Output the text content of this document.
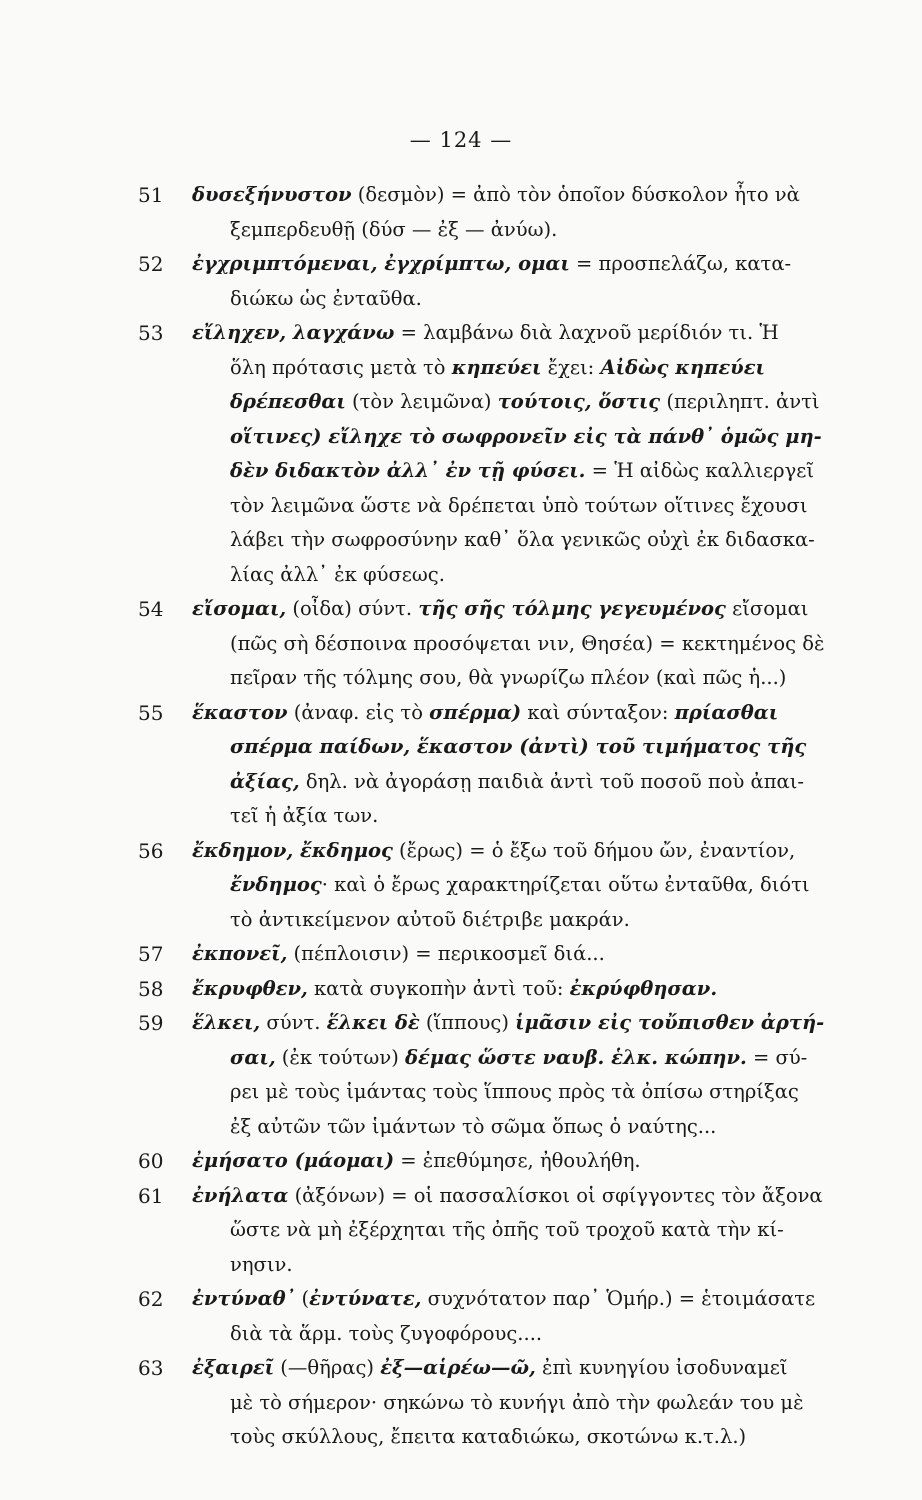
— 124 —
51	δυσεξήνυστον (δεσμὸν) = ἀπὸ τὸν ὁποῖον δύσκολον ἦτο νὰ
ξεμπερδευθῇ (δύσ — ἐξ — ἀνύω).
52	ἐγχριμπτόμεναι, ἐγχρίμπτω, ομαι = προσπελάζω, κατα-
διώκω ὡς ἐνταῦθα.
53	εἴληχεν, λαγχάνω = λαμβάνω διὰ λαχνοῦ μερίδιόν τι. Ἡ
ὅλη πρότασις μετὰ τὸ κηπεύει ἔχει: Αἰδὼς κηπεύει
δρέπεσθαι (τὸν λειμῶνα) τούτοις, ὅστις (περιληπτ. ἀντὶ
οἵτινες) εἴληχε τὸ σωφρονεῖν εἰς τὰ πάνθ᾽ ὁμῶς μη-
δὲν διδακτὸν ἀλλ᾽ ἐν τῇ φύσει. = Ἡ αἰδὼς καλλιεργεῖ
τὸν λειμῶνα ὥστε νὰ δρέπεται ὑπὸ τούτων οἵτινες ἔχουσι
λάβει τὴν σωφροσύνην καθ᾽ ὅλα γενικῶς οὐχὶ ἐκ διδασκα-
λίας ἀλλ᾽ ἐκ φύσεως.
54	εἴσομαι, (οἶδα) σύντ. τῆς σῆς τόλμης γεγευμένος εἴσομαι
(πῶς σὴ δέσποινα προσόψεται νιν, Θησέα) = κεκτημένος δὲ
πεῖραν τῆς τόλμης σου, θὰ γνωρίζω πλέον (καὶ πῶς ἡ...)
55	ἕκαστον (ἀναφ. εἰς τὸ σπέρμα) καὶ σύνταξον: πρίασθαι
σπέρμα παίδων, ἕκαστον (ἀντὶ) τοῦ τιμήματος τῆς
ἀξίας, δηλ. νὰ ἀγοράσῃ παιδιὰ ἀντὶ τοῦ ποσοῦ ποὺ ἀπαι-
τεῖ ἡ ἀξία των.
56	ἔκδημον, ἔκδημος (ἔρως) = ὁ ἔξω τοῦ δήμου ὤν, ἐναντίον,
ἔνδημος· καὶ ὁ ἔρως χαρακτηρίζεται οὕτω ἐνταῦθα, διότι
τὸ ἀντικείμενον αὐτοῦ διέτριβε μακράν.
57	ἐκπονεῖ, (πέπλοισιν) = περικοσμεῖ διά...
58	ἔκρυφθεν, κατὰ συγκοπὴν ἀντὶ τοῦ: ἐκρύφθησαν.
59	ἕλκει, σύντ. ἕλκει δὲ (ἵππους) ἱμᾶσιν εἰς τοὔπισθεν ἀρτή-
σαι, (ἐκ τούτων) δέμας ὥστε ναυβ. ἑλκ. κώπην. = σύ-
ρει μὲ τοὺς ἱμάντας τοὺς ἵππους πρὸς τὰ ὀπίσω στηρίξας
ἐξ αὐτῶν τῶν ἱμάντων τὸ σῶμα ὅπως ὁ ναύτης...
60	ἐμήσατο (μάομαι) = ἐπεθύμησε, ἠθουλήθη.
61	ἐνήλατα (ἀξόνων) = οἱ πασσαλίσκοι οἱ σφίγγοντες τὸν ἄξονα
ὥστε νὰ μὴ ἐξέρχηται τῆς ὀπῆς τοῦ τροχοῦ κατὰ τὴν κί-
νησιν.
62	ἐντύναθ᾽ (ἐντύνατε, συχνότατον παρ᾽ Ὁμήρ.) = ἑτοιμάσατε
διὰ τὰ ἅρμ. τοὺς ζυγοφόρους....
63	ἐξαιρεῖ (—θῆρας) ἐξ—αἱρέω—ῶ, ἐπὶ κυνηγίου ἰσοδυναμεῖ
μὲ τὸ σήμερον· σηκώνω τὸ κυνήγι ἀπὸ τὴν φωλεάν του μὲ
τοὺς σκύλλους, ἔπειτα καταδιώκω, σκοτώνω κ.τ.λ.)
